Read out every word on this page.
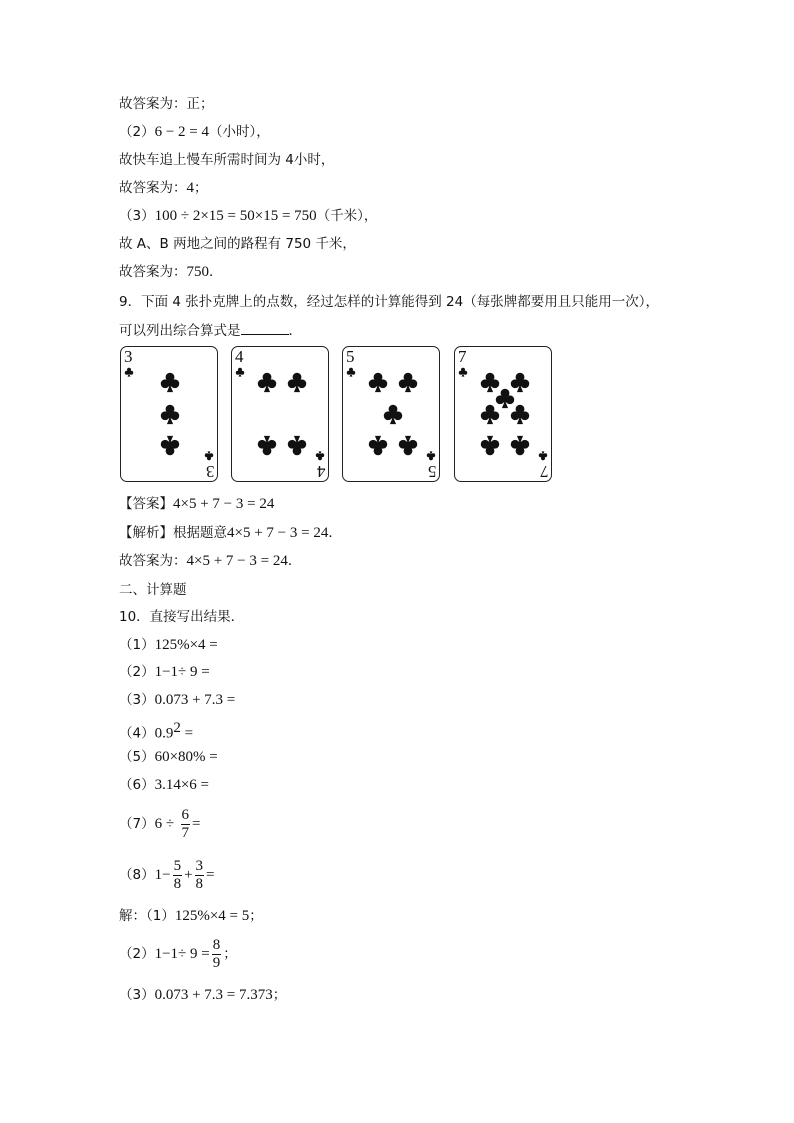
故答案为：正；
（2）6 − 2 = 4（小时），
故快车追上慢车所需时间为 4小时，
故答案为：4；
（3）100 ÷ 2×15 = 50×15 = 750（千米），
故 A、B 两地之间的路程有 750 千米，
故答案为：750．
9．下面 4 张扑克牌上的点数，经过怎样的计算能得到 24（每张牌都要用且只能用一次），
可以列出综合算式是	．
3
3
4
4
5
5
7
7
【答案】4×5 + 7 − 3 = 24
【解析】根据题意4×5 + 7 − 3 = 24．
故答案为：4×5 + 7 − 3 = 24．
二、计算题
10．直接写出结果．
（1）125%×4 =
（2）1−1÷ 9 =
（3）0.073 + 7.3 =
$(4)0.9^2$ =
（5）60×80% =
（6）3.14×6 =
$(7)6 \div \frac{6}{7}$ =
$(8)1- \frac{5}{8} + \frac{3}{8}$ =
解：（1）125%×4 = 5；
$(2)1-1\div 9 = \frac{8}{9}$ ；
（3）0.073 + 7.3 = 7.373；
